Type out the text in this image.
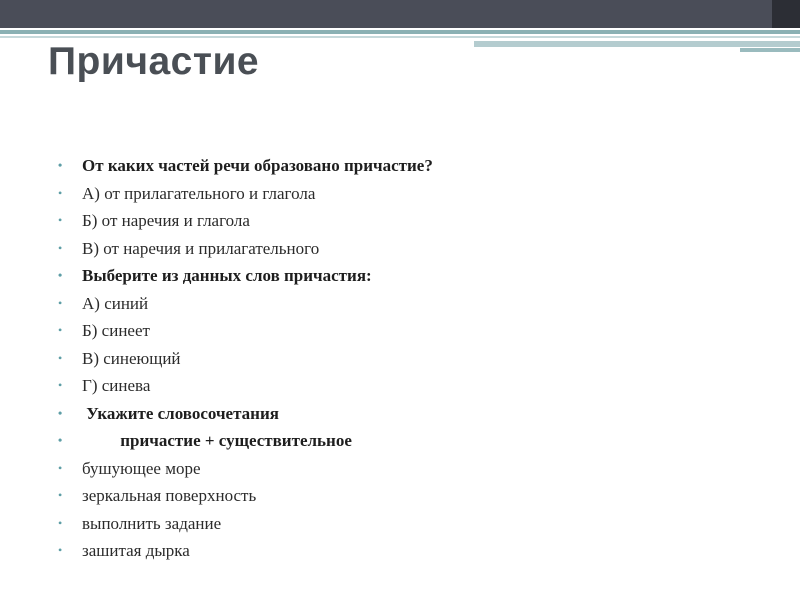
Причастие
• От каких частей речи образовано причастие?
• А) от прилагательного и глагола
• Б) от наречия и глагола
• В) от наречия и прилагательного
• Выберите из данных слов причастия:
• А) синий
• Б) синеет
• В) синеющий
• Г) синева
• Укажите словосочетания
• причастие + существительное
• бушующее море
• зеркальная поверхность
• выполнить задание
• зашитая дырка
